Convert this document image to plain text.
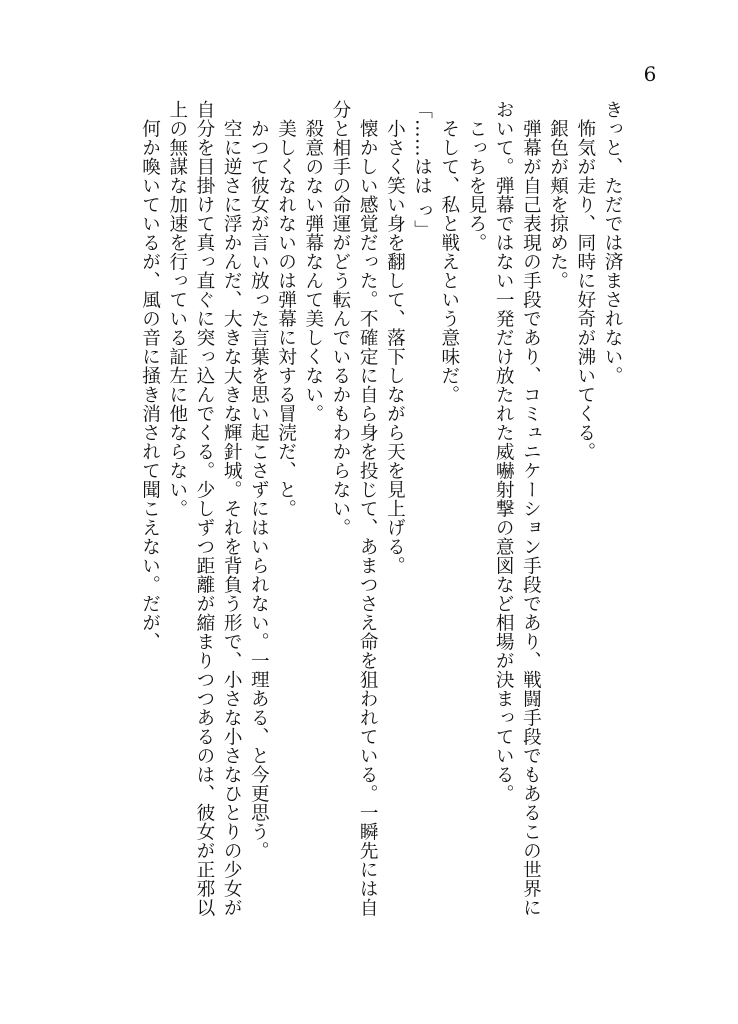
6
きっと、ただでは済まされない。
　怖気が走り、同時に好奇が沸いてくる。
　銀色が頬を掠めた。
　弾幕が自己表現の手段であり、コミュニケーション手段であり、戦闘手段でもあるこの世界に
おいて。弾幕ではない一発だけ放たれた威嚇射撃の意図など相場が決まっている。
　こっちを見ろ。
　そして、私と戦えという意味だ。
「……はは っ」
　小さく笑い身を翻して、落下しながら天を見上げる。
　懐かしい感覚だった。不確定に自ら身を投じて、あまつさえ命を狙われている。一瞬先には自
分と相手の命運がどう転んでいるかもわからない。
　殺意のない弾幕なんて美しくない。
　美しくなれないのは弾幕に対する冒涜だ、と。
　かつて彼女が言い放った言葉を思い起こさずにはいられない。一理ある、と今更思う。
　空に逆さに浮かんだ、大きな大きな輝針城。それを背負う形で、小さな小さなひとりの少女が
自分を目掛けて真っ直ぐに突っ込んでくる。少しずつ距離が縮まりつつあるのは、彼女が正邪以
上の無謀な加速を行っている証左に他ならない。
　何か喚いているが、風の音に掻き消されて聞こえない。だが、
